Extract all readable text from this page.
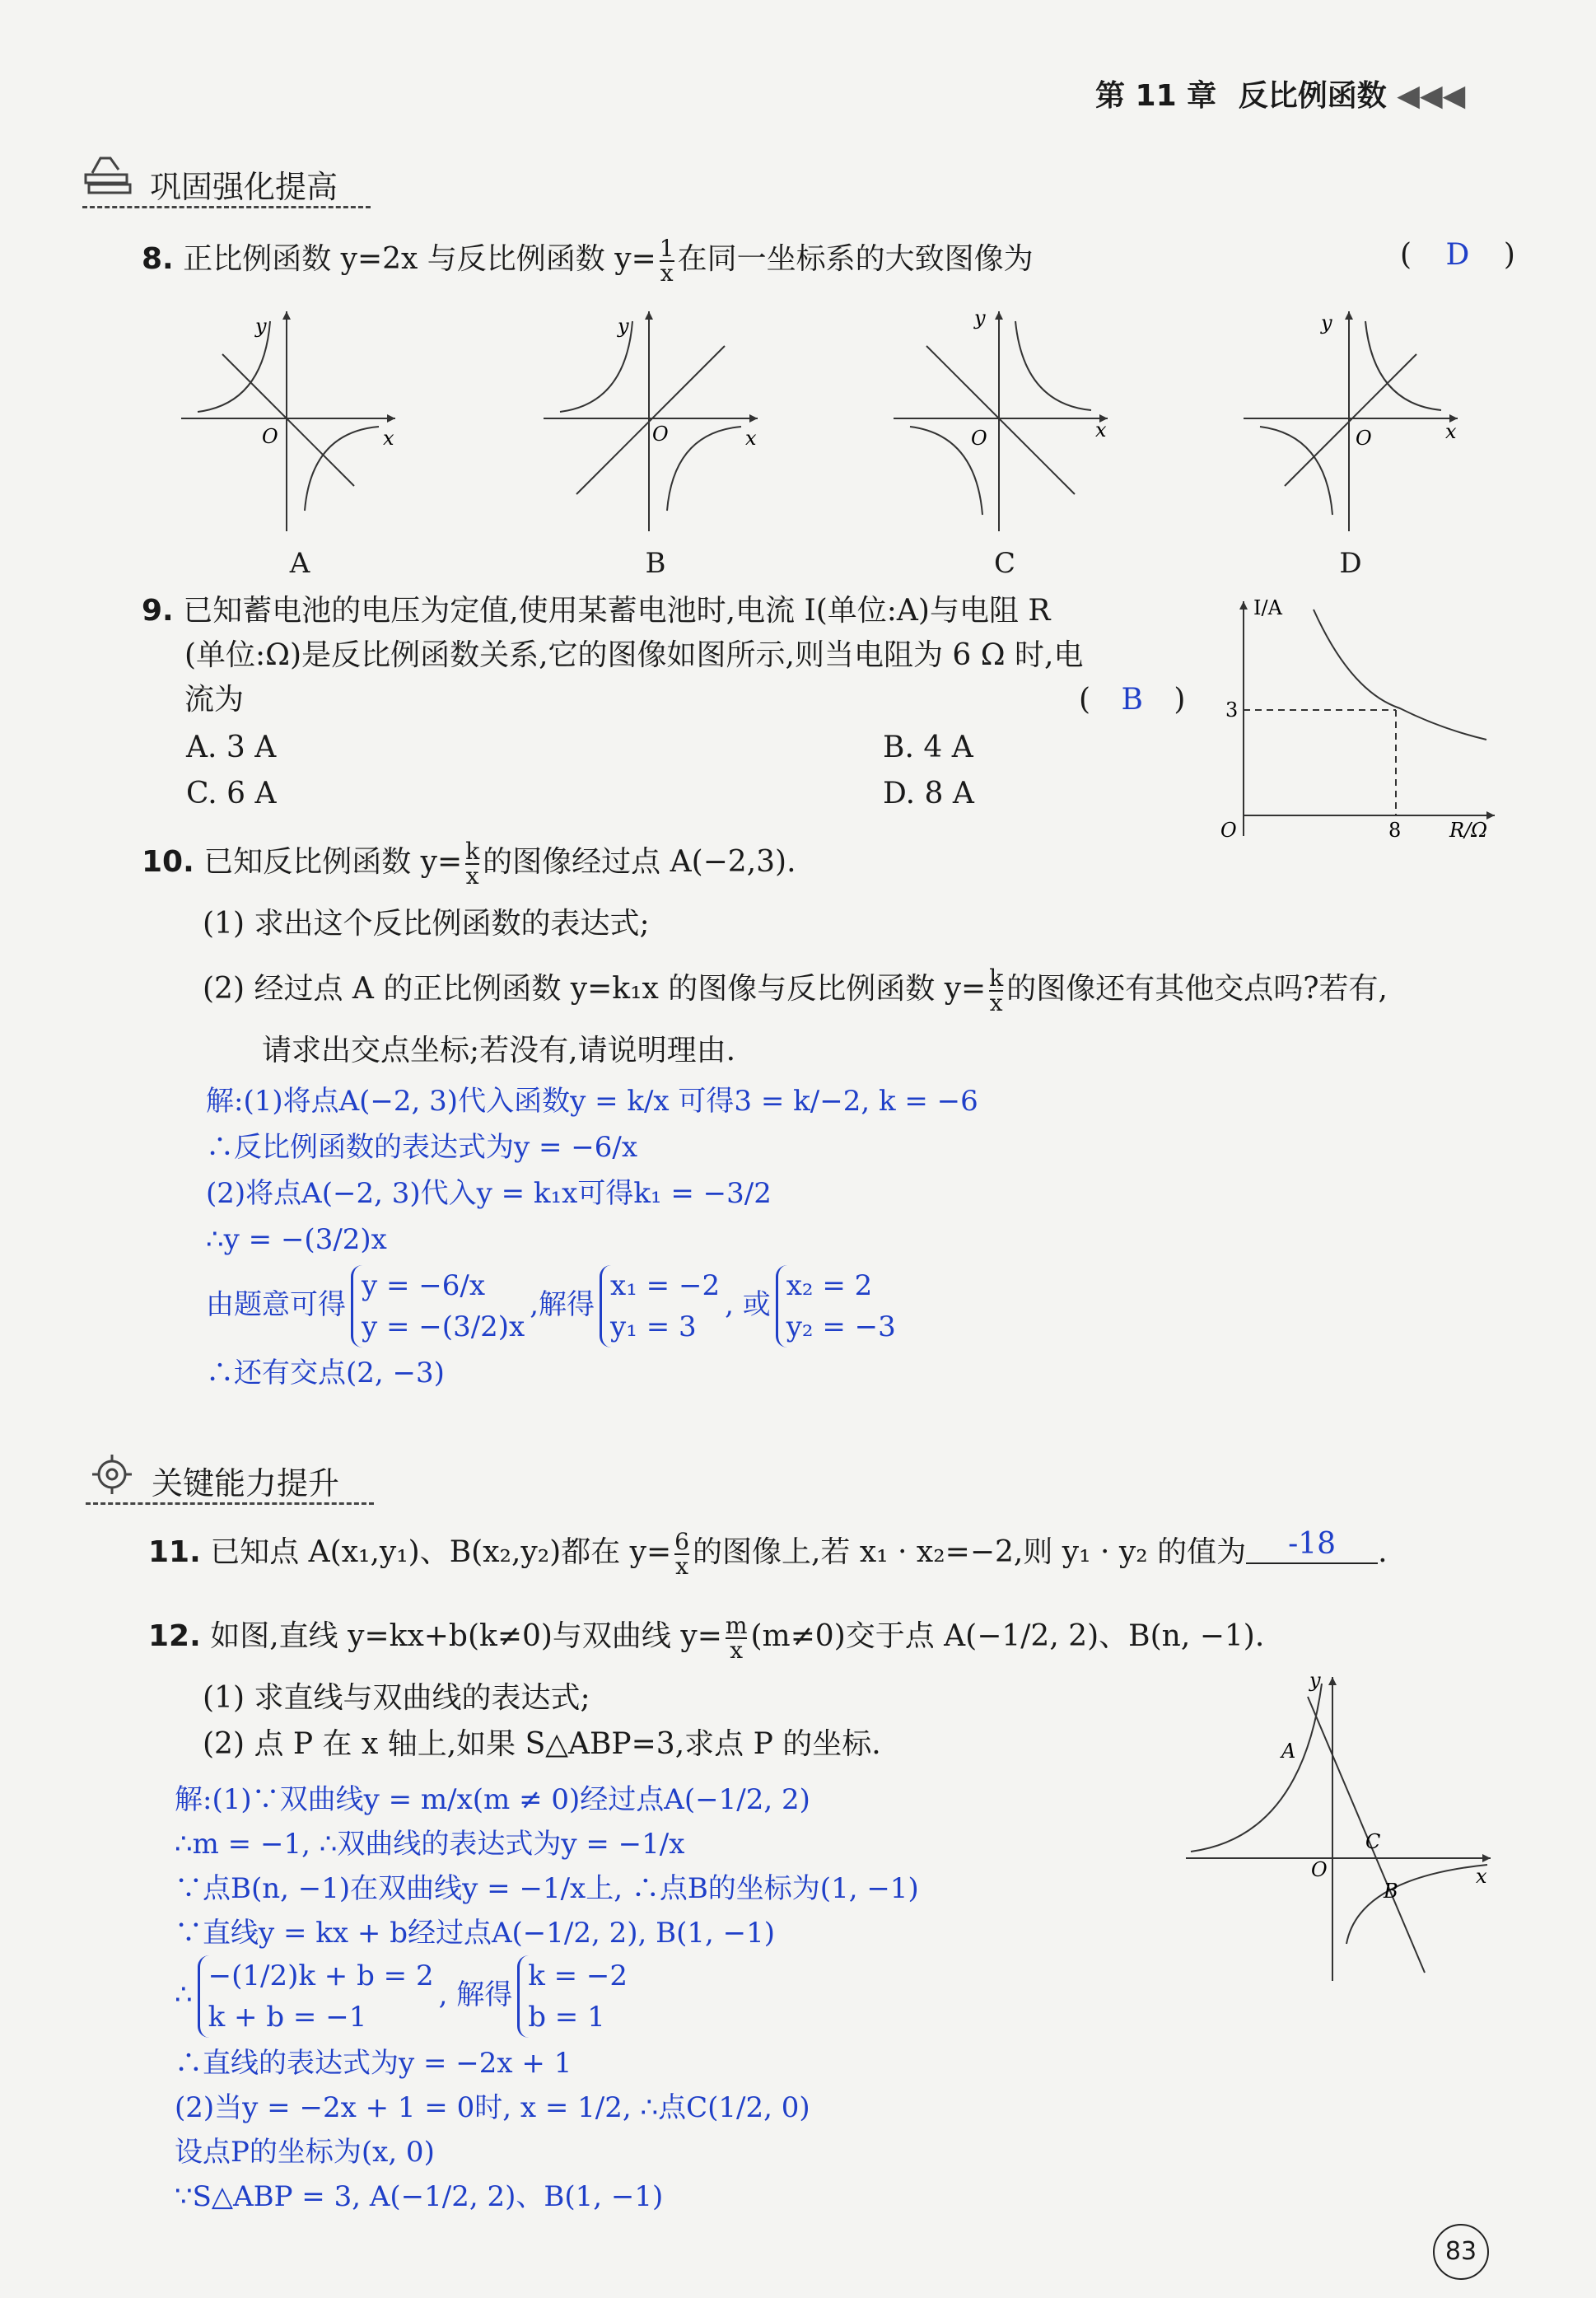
第 11 章 反比例函数 ◀◀◀
巩固强化提高
8. 正比例函数 y=2x 与反比例函数 $y= \frac{1}{x}$ 在同一坐标系的大致图像为	( D )
y
x
O
y
x
O
y
x
O
y
x
O
A	B	C	D
9. 已知蓄电池的电压为定值,使用某蓄电池时,电流 I(单位:A)与电阻 R
(单位:Ω)是反比例函数关系,它的图像如图所示,则当电阻为 6 Ω 时,电
流为	( B )
A. 3 A	B. 4 A
C. 6 A	D. 8 A
I/A
R/Ω
O
3
8
10. 已知反比例函数 $y= \frac{k}{x}$ 的图像经过点 A(−2,3).
(1) 求出这个反比例函数的表达式;
(2) 经过点 A 的正比例函数 y=k₁x 的图像与反比例函数 $y= \frac{k}{x}$ 的图像还有其他交点吗?若有,
请求出交点坐标;若没有,请说明理由.
解:(1)将点A(−2, 3)代入函数y = k/x 可得3 = k/−2, k = −6
∴反比例函数的表达式为y = −6/x
(2)将点A(−2, 3)代入y = k₁x可得k₁ = −3/2
∴y = −(3/2)x
由题意可得
y = −6/x
y = −(3/2)x
,解得
x₁ = −2
y₁ = 3
, 或
x₂ = 2
y₂ = −3
∴还有交点(2, −3)
关键能力提升
11. 已知点 A(x₁,y₁)、B(x₂,y₂)都在 $y= \frac{6}{x}$ 的图像上,若 x₁ · x₂=−2,则 y₁ · y₂ 的值为 -18 .
12. 如图,直线 y=kx+b(k≠0)与双曲线 $y= \frac{m}{x} (m\ne 0)$交于点 A(−1/2, 2)、B(n, −1).
(1) 求直线与双曲线的表达式;
(2) 点 P 在 x 轴上,如果 S△ABP=3,求点 P 的坐标.
y
x
O
A
B
C
解:(1)∵双曲线y = m/x(m ≠ 0)经过点A(−1/2, 2)
∴m = −1, ∴双曲线的表达式为y = −1/x
∵点B(n, −1)在双曲线y = −1/x上, ∴点B的坐标为(1, −1)
∵直线y = kx + b经过点A(−1/2, 2), B(1, −1)
∴
−(1/2)k + b = 2
k + b = −1
, 解得
k = −2
b = 1
∴直线的表达式为y = −2x + 1
(2)当y = −2x + 1 = 0时, x = 1/2, ∴点C(1/2, 0)
设点P的坐标为(x, 0)
∵S△ABP = 3, A(−1/2, 2)、B(1, −1)
83
